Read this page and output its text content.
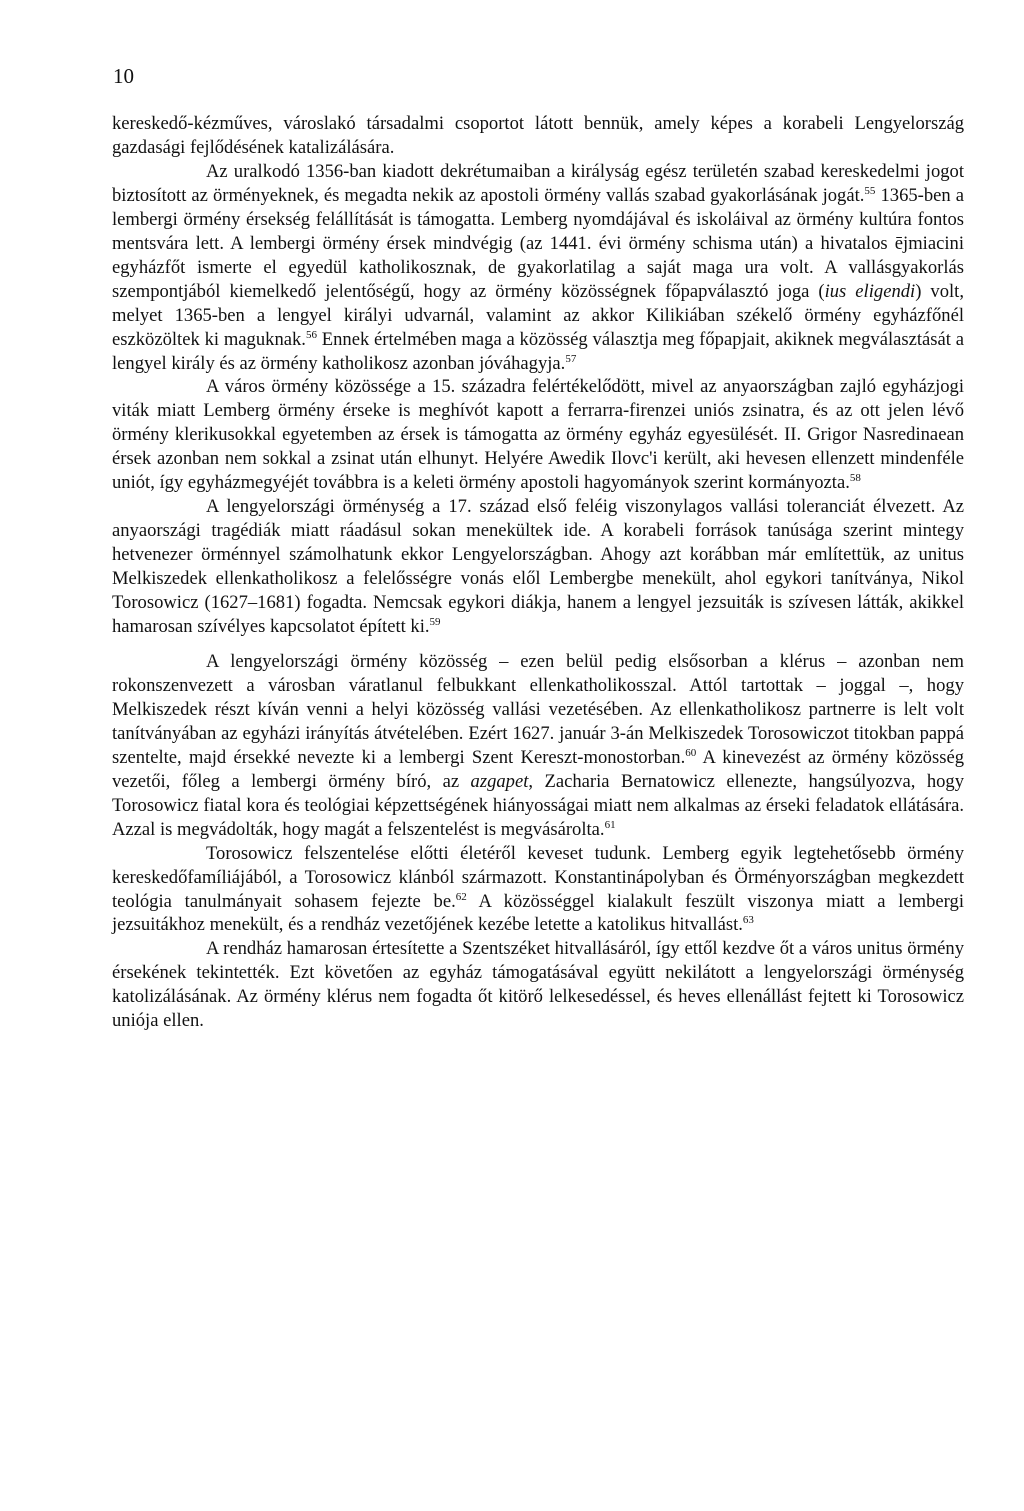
10

kereskedő-kézműves, városlakó társadalmi csoportot látott bennük, amely képes a korabeli Lengyelország gazdasági fejlődésének katalizálására.

Az uralkodó 1356-ban kiadott dekrétumaiban a királyság egész területén szabad kereskedelmi jogot biztosított az örményeknek, és megadta nekik az apostoli örmény vallás szabad gyakorlásának jogát.$^{55}$ 1365-ben a lembergi örmény érsekség felállítását is támogatta. Lemberg nyomdájával és iskoláival az örmény kultúra fontos mentsvára lett. A lembergi örmény érsek mindvégig (az 1441. évi örmény schisma után) a hivatalos ējmiacini egyházfőt ismerte el egyedül katholikosznak, de gyakorlatilag a saját maga ura volt. A vallásgyakorlás szempontjából kiemelkedő jelentőségű, hogy az örmény közösségnek főpapválasztó joga (ius eligendi) volt, melyet 1365-ben a lengyel királyi udvarnál, valamint az akkor Kilikiában székelő örmény egyházfőnél eszközöltek ki maguknak.$^{56}$ Ennek értelmében maga a közösség választja meg főpapjait, akiknek megválasztását a lengyel király és az örmény katholikosz azonban jóváhagyja.$^{57}$

A város örmény közössége a 15. századra felértékelődött, mivel az anyaországban zajló egyházjogi viták miatt Lemberg örmény érseke is meghívót kapott a ferrarra-firenzei uniós zsinatra, és az ott jelen lévő örmény klerikusokkal egyetemben az érsek is támogatta az örmény egyház egyesülését. II. Grigor Nasredinaean érsek azonban nem sokkal a zsinat után elhunyt. Helyére Awedik Ilovc'i került, aki hevesen ellenzett mindenféle uniót, így egyházmegyéjét továbbra is a keleti örmény apostoli hagyományok szerint kormányozta.$^{58}$

A lengyelországi örménység a 17. század első feléig viszonylagos vallási toleranciát élvezett. Az anyaországi tragédiák miatt ráadásul sokan menekültek ide. A korabeli források tanúsága szerint mintegy hetvenezer örménnyel számolhatunk ekkor Lengyelországban. Ahogy azt korábban már említettük, az unitus Melkiszedek ellenkatholikosz a felelősségre vonás elől Lembergbe menekült, ahol egykori tanítványa, Nikol Torosowicz (1627–1681) fogadta. Nemcsak egykori diákja, hanem a lengyel jezsuiták is szívesen látták, akikkel hamarosan szívélyes kapcsolatot épített ki.$^{59}$

A lengyelországi örmény közösség – ezen belül pedig elsősorban a klérus – azonban nem rokonszenvezett a városban váratlanul felbukkant ellenkatholikosszal. Attól tartottak – joggal –, hogy Melkiszedek részt kíván venni a helyi közösség vallási vezetésében. Az ellenkatholikosz partnerre is lelt volt tanítványában az egyházi irányítás átvételében. Ezért 1627. január 3-án Melkiszedek Torosowiczot titokban pappá szentelte, majd érsekké nevezte ki a lembergi Szent Kereszt-monostorban.$^{60}$ A kinevezést az örmény közösség vezetői, főleg a lembergi örmény bíró, az azgapet, Zacharia Bernatowicz ellenezte, hangsúlyozva, hogy Torosowicz fiatal kora és teológiai képzettségének hiányosságai miatt nem alkalmas az érseki feladatok ellátására. Azzal is megvádolták, hogy magát a felszentelést is megvásárolta.$^{61}$

Torosowicz felszentelése előtti életéről keveset tudunk. Lemberg egyik legtehetősebb örmény kereskedőfamíliájából, a Torosowicz klánból származott. Konstantinápolyban és Örményországban megkezdett teológia tanulmányait sohasem fejezte be.$^{62}$ A közösséggel kialakult feszült viszonya miatt a lembergi jezsuitákhoz menekült, és a rendház vezetőjének kezébe letette a katolikus hitvallást.$^{63}$

A rendház hamarosan értesítette a Szentszéket hitvallásáról, így ettől kezdve őt a város unitus örmény érsekének tekintették. Ezt követően az egyház támogatásával együtt nekilátott a lengyelországi örménység katolizálásának. Az örmény klérus nem fogadta őt kitörő lelkesedéssel, és heves ellenállást fejtett ki Torosowicz uniója ellen.
